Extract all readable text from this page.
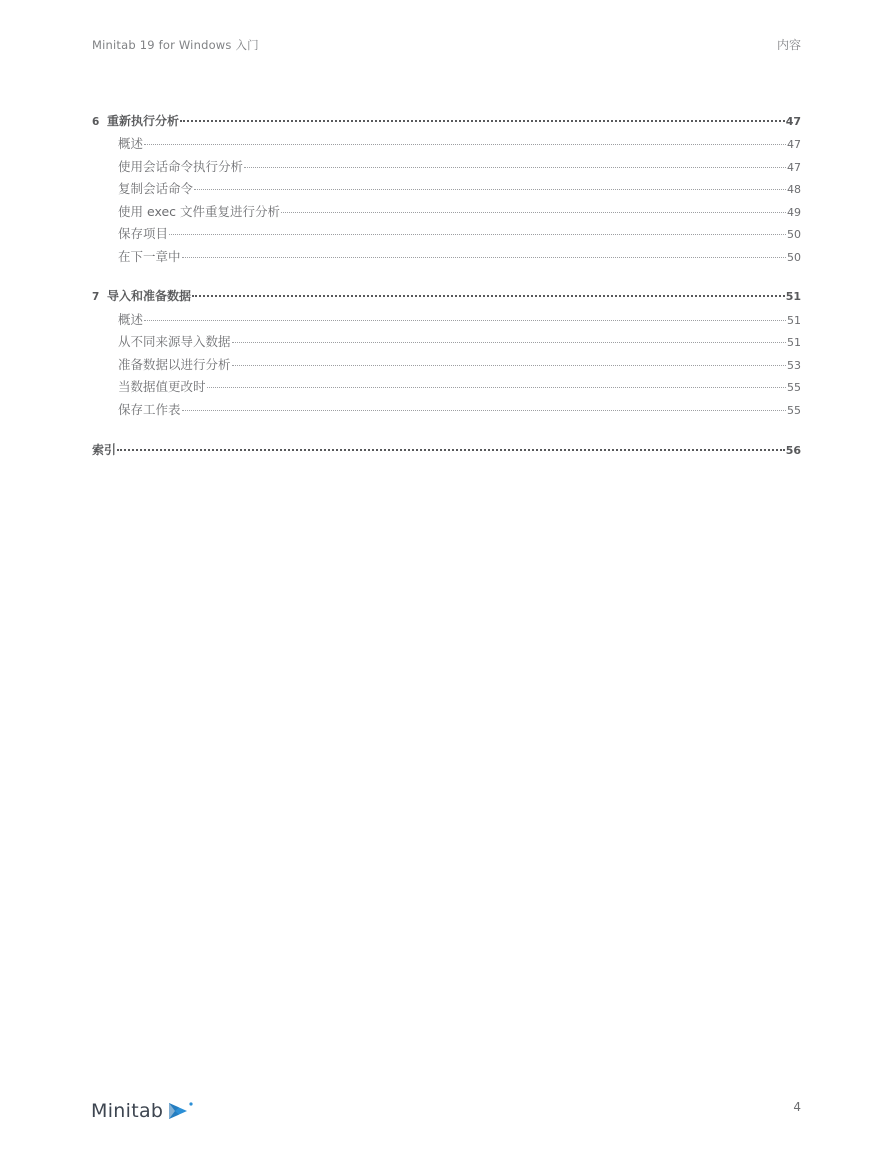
Minitab 19 for Windows 入门	内容
6 重新执行分析	47
概述	47
使用会话命令执行分析	47
复制会话命令	48
使用 exec 文件重复进行分析	49
保存项目	50
在下一章中	50
7 导入和准备数据	51
概述	51
从不同来源导入数据	51
准备数据以进行分析	53
当数据值更改时	55
保存工作表	55
索引	56
Minitab	4
